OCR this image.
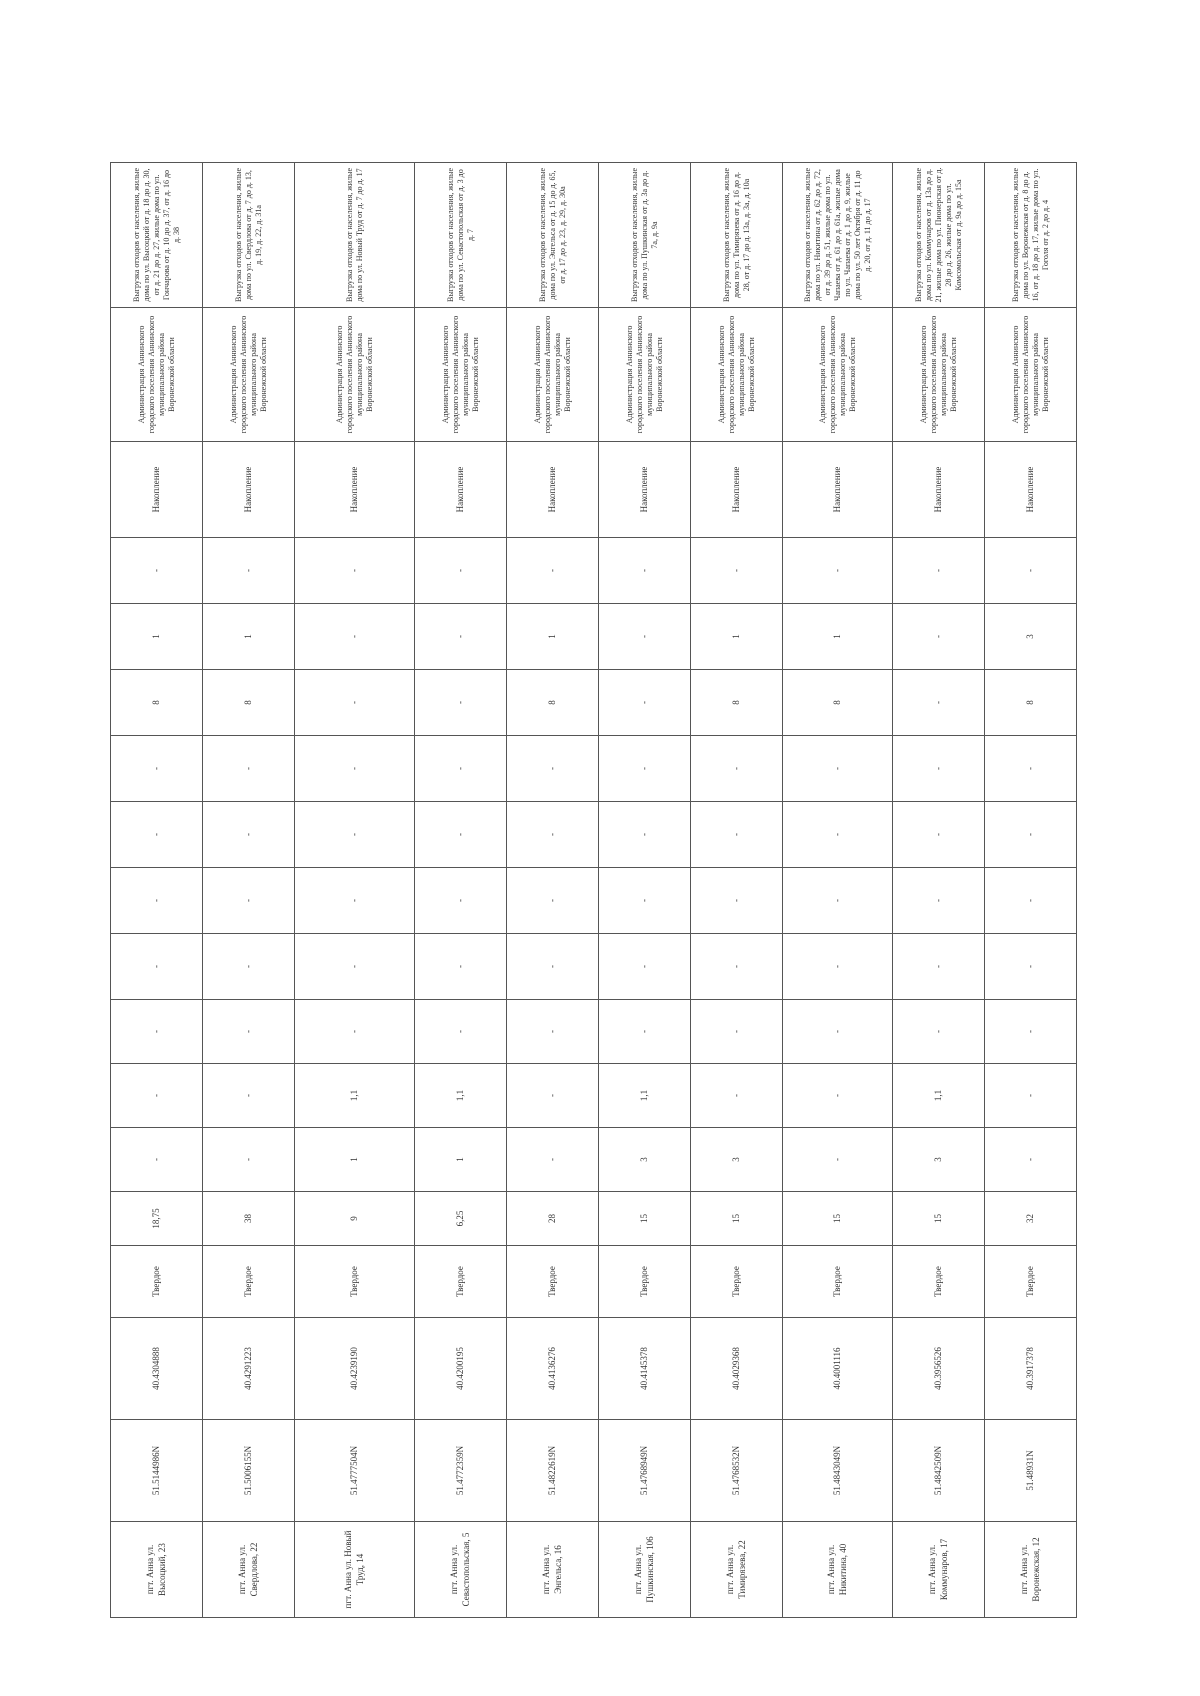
пгт. Анна ул. Высоцкий, 23	51.5144986N	40.4304888	Твердое	18,75	-	-	-	-	-	-	-	8	1	-	Накопление	Администрация Аннинского городского поселения Аннинского муниципального района Воронежской области	Выгрузка отходов от населения, жилые дома по ул. Высоцкий от д. 18 до д. 30, от д. 21 до д. 27, жилые дома по ул. Гончарова от д. 10 до д. 37, от д. 16 до д. 38
пгт. Анна ул. Свердлова, 22	51.5006155N	40.4291223	Твердое	38	-	-	-	-	-	-	-	8	1	-	Накопление	Администрация Аннинского городского поселения Аннинского муниципального района Воронежской области	Выгрузка отходов от населения, жилые дома по ул. Свердлова от д. 7 до д. 13, д. 19, д. 22, д. 31а
пгт. Анна ул. Новый Труд, 14	51.4777504N	40.4239190	Твердое	9	1	1,1	-	-	-	-	-	-	-	-	Накопление	Администрация Аннинского городского поселения Аннинского муниципального района Воронежской области	Выгрузка отходов от населения, жилые дома по ул. Новый Труд от д. 7 до д. 17
пгт. Анна ул. Севастопольская, 5	51.4772359N	40.4200195	Твердое	6,25	1	1,1	-	-	-	-	-	-	-	-	Накопление	Администрация Аннинского городского поселения Аннинского муниципального района Воронежской области	Выгрузка отходов от населения, жилые дома по ул. Севастопольская от д. 3 до д. 7
пгт. Анна ул. Энгельса, 16	51.4822619N	40.4136276	Твердое	28	-	-	-	-	-	-	-	8	1	-	Накопление	Администрация Аннинского городского поселения Аннинского муниципального района Воронежской области	Выгрузка отходов от населения, жилые дома по ул. Энгельса от д. 15 до д. 65, от д. 17 до д. 23, д. 29, д. 30а
пгт. Анна ул. Пушкинская, 106	51.4768949N	40.4145378	Твердое	15	3	1,1	-	-	-	-	-	-	-	-	Накопление	Администрация Аннинского городского поселения Аннинского муниципального района Воронежской области	Выгрузка отходов от населения, жилые дома по ул. Пушкинская от д. 3а до д. 7а, д. 9а
пгт. Анна ул. Тимирязева, 22	51.4768532N	40.4029368	Твердое	15	3	-	-	-	-	-	-	8	1	-	Накопление	Администрация Аннинского городского поселения Аннинского муниципального района Воронежской области	Выгрузка отходов от населения, жилые дома по ул. Тимирязева от д. 16 до д. 28, от д. 17 до д. 13а, д. 3а, д. 10а
пгт. Анна ул. Никитина, 40	51.4843049N	40.4001116	Твердое	15	-	-	-	-	-	-	-	8	1	-	Накопление	Администрация Аннинского городского поселения Аннинского муниципального района Воронежской области	Выгрузка отходов от населения, жилые дома по ул. Никитина от д. 62 до д. 72, от д. 39 до д. 51, жилые дома по ул. Чапаева от д. 61 до д. 61а, жилые дома по ул. Чапаева от д. 1 до д. 9, жилые дома по ул. 50 лет Октября от д. 11 до д. 20, от д. 11 до д. 17
пгт. Анна ул. Коммунаров, 17	51.4842509N	40.3956526	Твердое	15	3	1,1	-	-	-	-	-	-	-	-	Накопление	Администрация Аннинского городского поселения Аннинского муниципального района Воронежской области	Выгрузка отходов от населения, жилые дома по ул. Коммунаров от д. 13а до д. 21, жилые дома по ул. Пионерская от д. 28 до д. 26, жилые дома по ул. Комсомольская от д. 9а до д. 15а
пгт. Анна ул. Воронежская, 12	51.48931N	40.3917378	Твердое	32	-	-	-	-	-	-	-	8	3	-	Накопление	Администрация Аннинского городского поселения Аннинского муниципального района Воронежской области	Выгрузка отходов от населения, жилые дома по ул. Воронежская от д. 8 до д. 16, от д. 18 до д. 17, жилые дома по ул. Гоголя от д. 2 до д. 4
